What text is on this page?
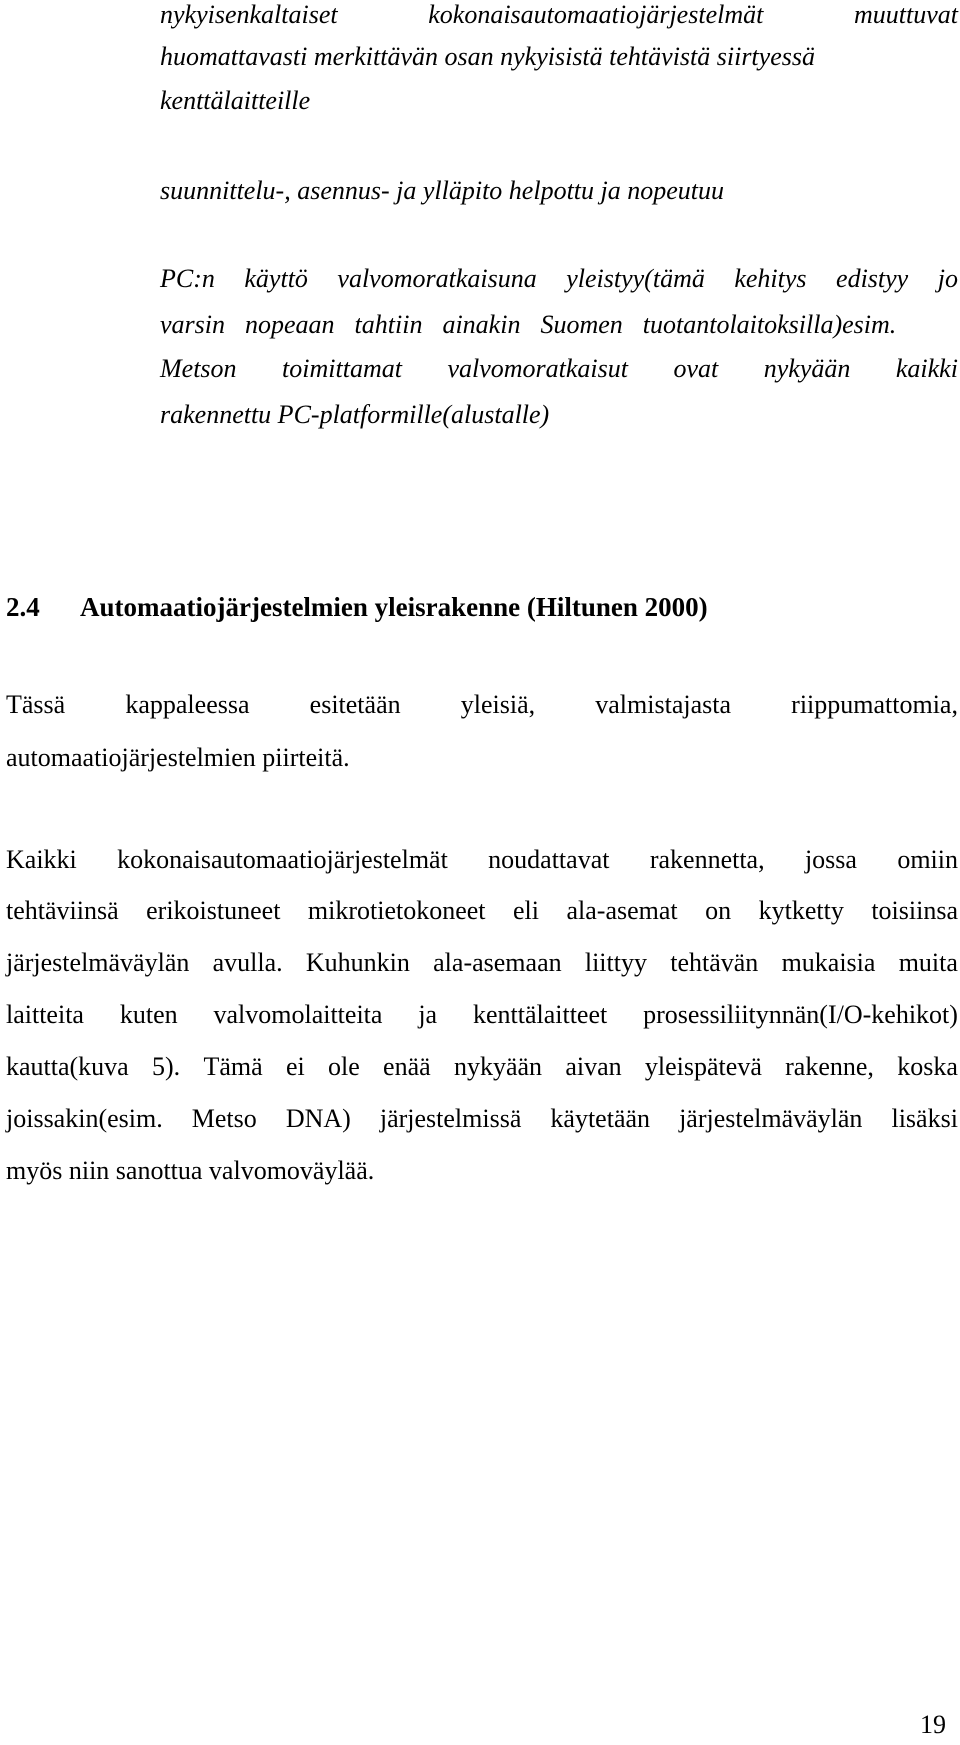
nykyisenkaltaiset	kokonaisautomaatiojärjestelmät	muuttuvat
huomattavasti merkittävän osan nykyisistä tehtävistä siirtyessä
kenttälaitteille
suunnittelu-, asennus- ja ylläpito helpottu ja nopeutuu
PC:n käyttö valvomoratkaisuna yleistyy(tämä kehitys edistyy jo
varsin nopeaan tahtiin ainakin Suomen tuotantolaitoksilla)esim.
Metson toimittamat valvomoratkaisut ovat nykyään kaikki
rakennettu PC-platformille(alustalle)
2.4 Automaatiojärjestelmien yleisrakenne (Hiltunen 2000)
Tässä kappaleessa esitetään yleisiä, valmistajasta riippumattomia,
automaatiojärjestelmien piirteitä.
Kaikki kokonaisautomaatiojärjestelmät noudattavat rakennetta, jossa omiin
tehtäviinsä erikoistuneet mikrotietokoneet eli ala-asemat on kytketty toisiinsa
järjestelmäväylän avulla. Kuhunkin ala-asemaan liittyy tehtävän mukaisia muita
laitteita kuten valvomolaitteita ja kenttälaitteet prosessiliitynnän(I/O-kehikot)
kautta(kuva 5). Tämä ei ole enää nykyään aivan yleispätevä rakenne, koska
joissakin(esim. Metso DNA) järjestelmissä käytetään järjestelmäväylän lisäksi
myös niin sanottua valvomoväylää.
19
